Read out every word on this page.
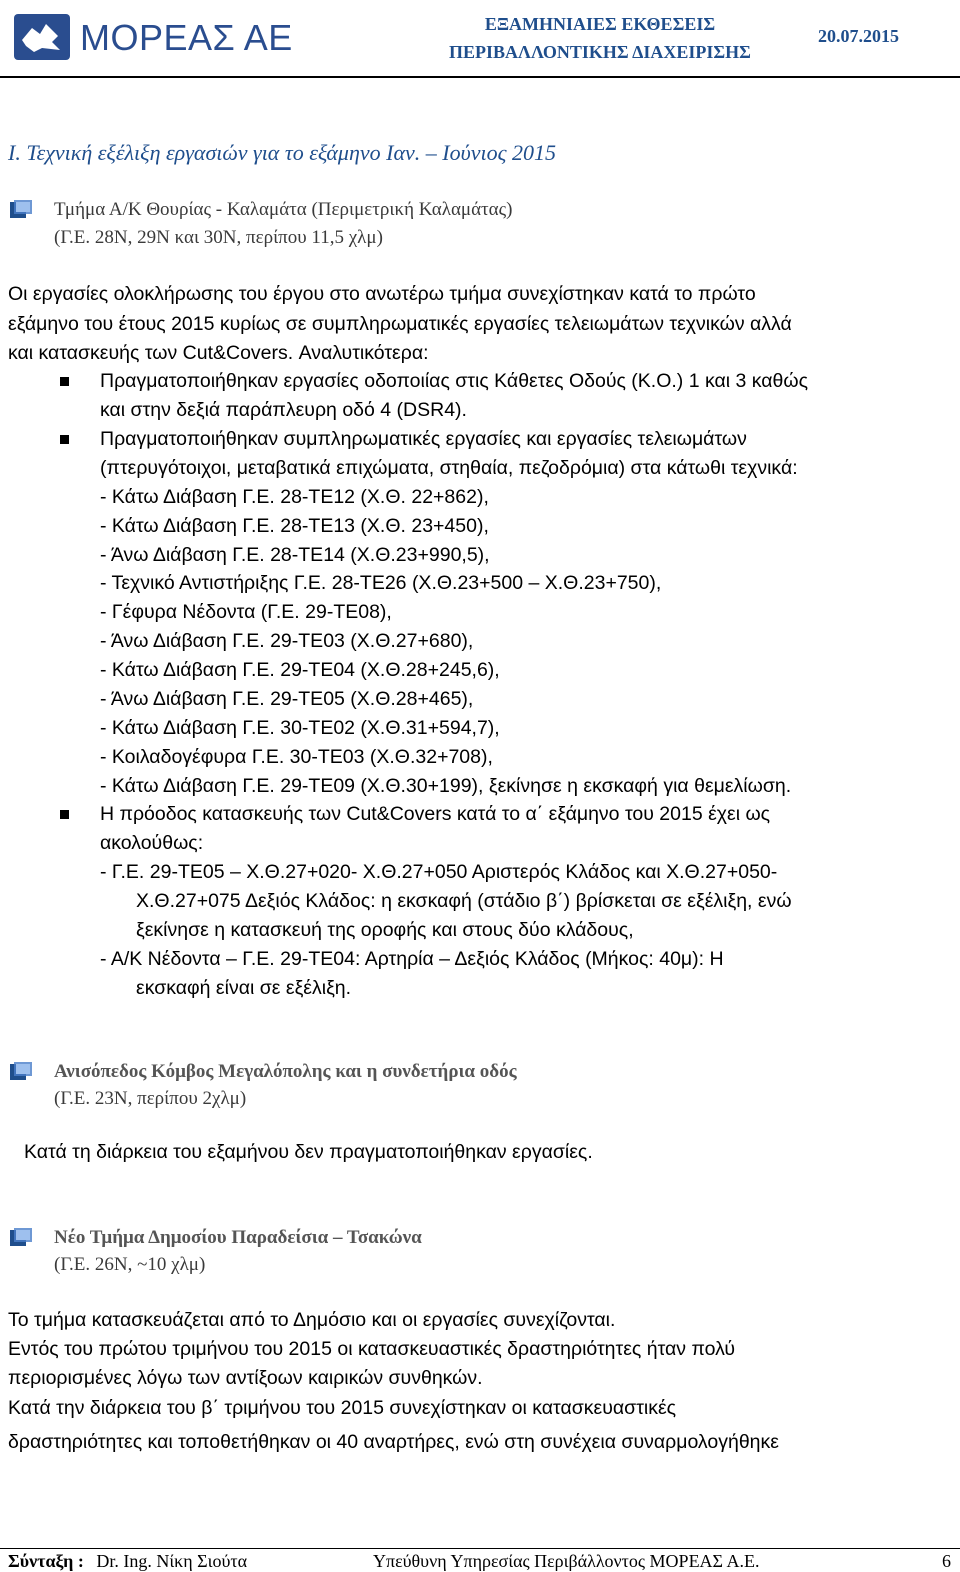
ΜΟΡΕΑΣ ΑΕ	ΕΞΑΜΗΝΙΑΙΕΣ ΕΚΘΕΣΕΙΣ
ΠΕΡΙΒΑΛΛΟΝΤΙΚΗΣ ΔΙΑΧΕΙΡΙΣΗΣ
20.07.2015
Ι. Τεχνική εξέλιξη εργασιών για το εξάμηνο Ιαν. – Ιούνιος 2015
Τμήμα Α/Κ Θουρίας - Καλαμάτα (Περιμετρική Καλαμάτας)
(Γ.Ε. 28Ν, 29Ν και 30Ν, περίπου 11,5 χλμ)
Οι εργασίες ολοκλήρωσης του έργου στο ανωτέρω τμήμα συνεχίστηκαν κατά το πρώτο
εξάμηνο του έτους 2015 κυρίως σε συμπληρωματικές εργασίες τελειωμάτων τεχνικών αλλά
και κατασκευής των Cut&Covers. Αναλυτικότερα:
Πραγματοποιήθηκαν εργασίες οδοποιίας στις Κάθετες Οδούς (Κ.Ο.) 1 και 3 καθώς
και στην δεξιά παράπλευρη οδό 4 (DSR4).
Πραγματοποιήθηκαν συμπληρωματικές εργασίες και εργασίες τελειωμάτων
(πτερυγότοιχοι, μεταβατικά επιχώματα, στηθαία, πεζοδρόμια) στα κάτωθι τεχνικά:
- Κάτω Διάβαση Γ.Ε. 28-ΤΕ12 (Χ.Θ. 22+862),
- Κάτω Διάβαση Γ.Ε. 28-ΤΕ13 (Χ.Θ. 23+450),
- Άνω Διάβαση Γ.Ε. 28-ΤΕ14 (Χ.Θ.23+990,5),
- Τεχνικό Αντιστήριξης Γ.Ε. 28-ΤΕ26 (Χ.Θ.23+500 – Χ.Θ.23+750),
- Γέφυρα Νέδοντα (Γ.Ε. 29-ΤΕ08),
- Άνω Διάβαση Γ.Ε. 29-ΤΕ03 (Χ.Θ.27+680),
- Κάτω Διάβαση Γ.Ε. 29-ΤΕ04 (Χ.Θ.28+245,6),
- Άνω Διάβαση Γ.Ε. 29-ΤΕ05 (Χ.Θ.28+465),
- Κάτω Διάβαση Γ.Ε. 30-ΤΕ02 (Χ.Θ.31+594,7),
- Κοιλαδογέφυρα Γ.Ε. 30-ΤΕ03 (Χ.Θ.32+708),
- Κάτω Διάβαση Γ.Ε. 29-ΤΕ09 (Χ.Θ.30+199), ξεκίνησε η εκσκαφή για θεμελίωση.
Η πρόοδος κατασκευής των Cut&Covers κατά το α΄ εξάμηνο του 2015 έχει ως
ακολούθως:
- Γ.Ε. 29-ΤΕ05 – Χ.Θ.27+020- Χ.Θ.27+050 Αριστερός Κλάδος και Χ.Θ.27+050-
Χ.Θ.27+075 Δεξιός Κλάδος: η εκσκαφή (στάδιο β΄) βρίσκεται σε εξέλιξη, ενώ
ξεκίνησε η κατασκευή της οροφής και στους δύο κλάδους,
- Α/Κ Νέδοντα – Γ.Ε. 29-ΤΕ04: Αρτηρία – Δεξιός Κλάδος (Μήκος: 40μ): Η
εκσκαφή είναι σε εξέλιξη.
Ανισόπεδος Κόμβος Μεγαλόπολης και η συνδετήρια οδός
(Γ.Ε. 23Ν, περίπου 2χλμ)
Κατά τη διάρκεια του εξαμήνου δεν πραγματοποιήθηκαν εργασίες.
Νέο Τμήμα Δημοσίου Παραδείσια – Τσακώνα
(Γ.Ε. 26Ν, ~10 χλμ)
Το τμήμα κατασκευάζεται από το Δημόσιο και οι εργασίες συνεχίζονται.
Εντός του πρώτου τριμήνου του 2015 οι κατασκευαστικές δραστηριότητες ήταν πολύ
περιορισμένες λόγω των αντίξοων καιρικών συνθηκών.
Κατά την διάρκεια του β΄ τριμήνου του 2015 συνεχίστηκαν οι κατασκευαστικές
δραστηριότητες και τοποθετήθηκαν οι 40 αναρτήρες, ενώ στη συνέχεια συναρμολογήθηκε
Σύνταξη : Dr. Ing. Νίκη Σιούτα	Υπεύθυνη Υπηρεσίας Περιβάλλοντος ΜΟΡΕΑΣ Α.Ε.	6
